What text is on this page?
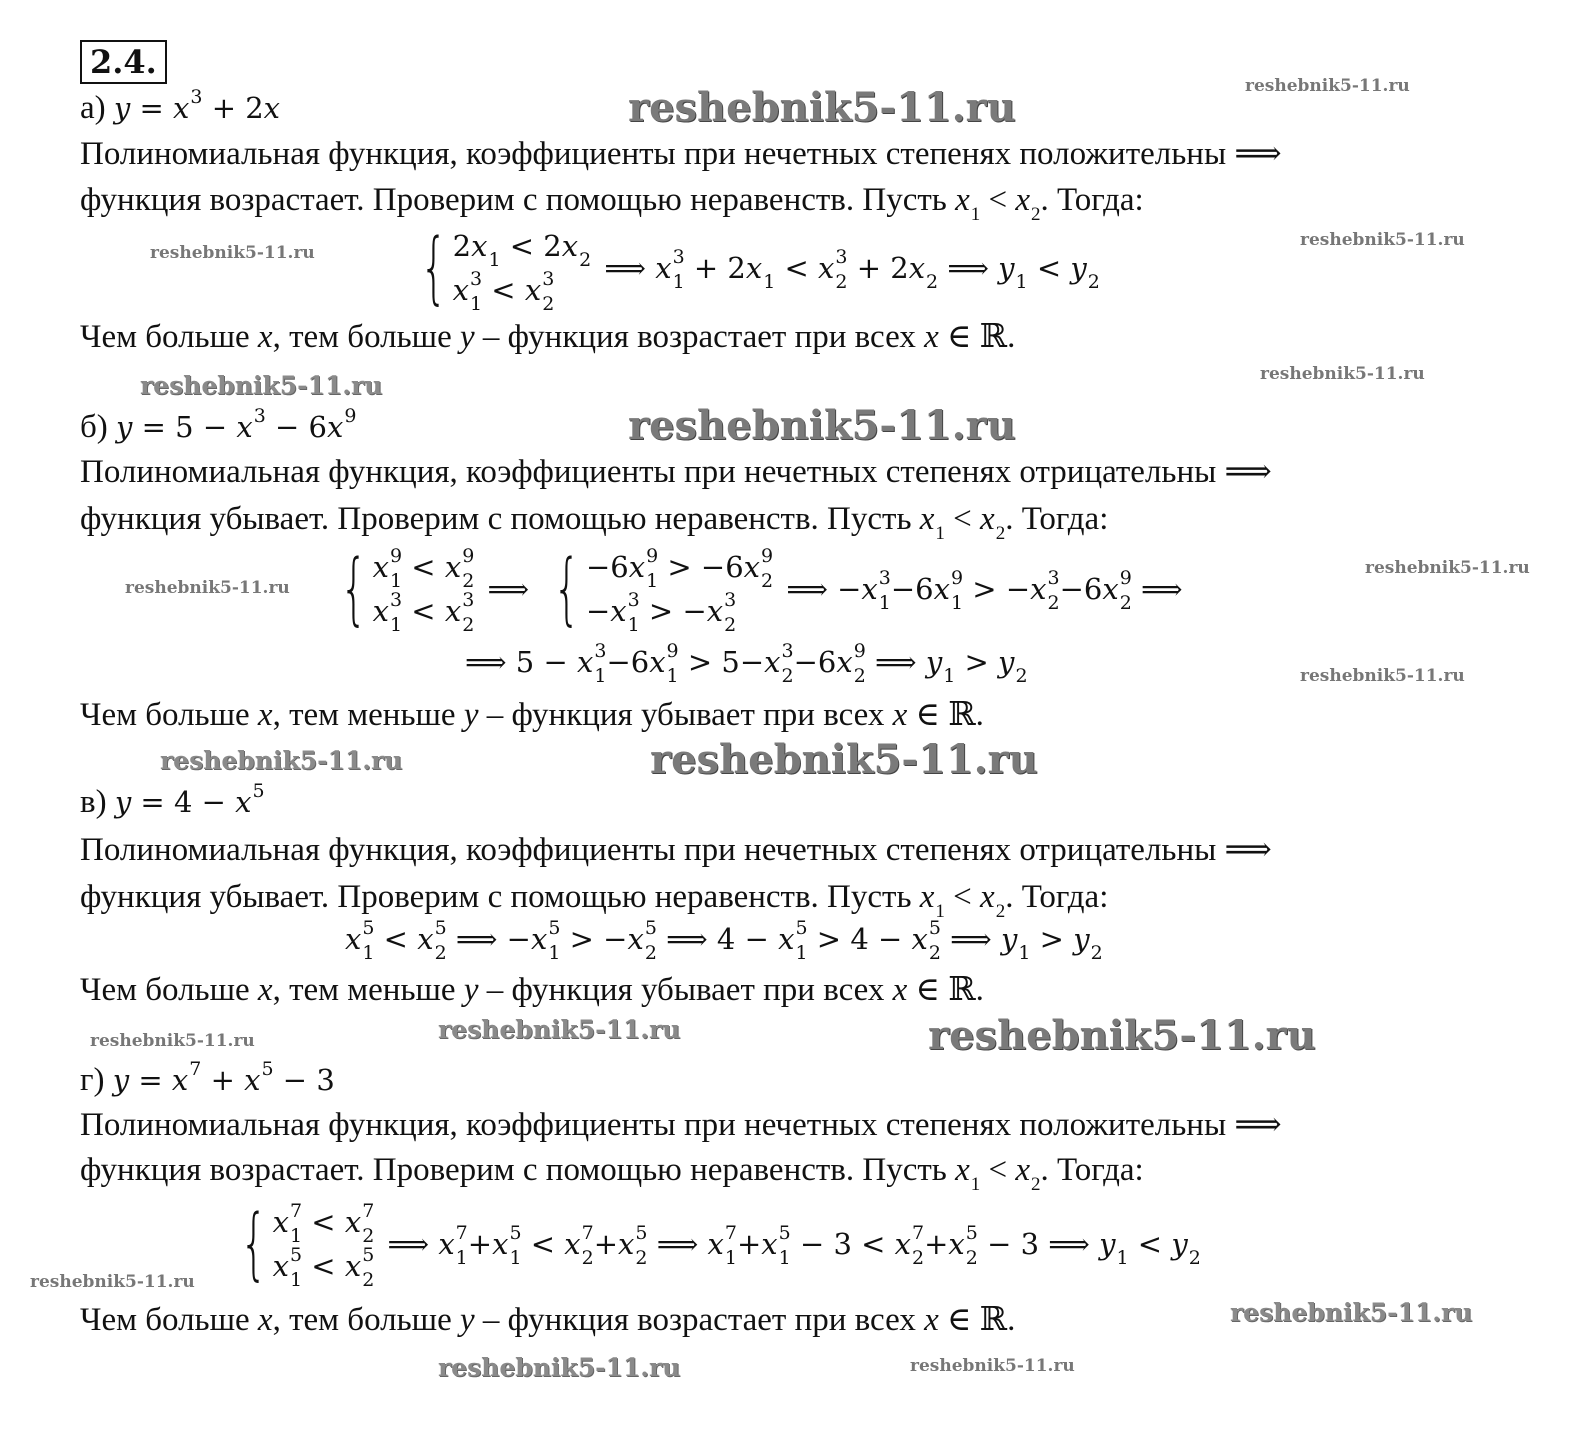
2.4.
а) y = x 3
+ 2 x
Полиномиальная функция, коэффициенты при нечетных степенях положительны ⟹
функция возрастает. Проверим с помощью неравенств. Пусть x
1 < x
2 . Тогда:
{ 2 x
1 < 2 x
2
x 3
1 < x 3
2
⟹ x 3
1 + 2 x
1 < x 3
2 + 2 x
2 ⟹ y
1 < y
2
Чем больше x , тем больше y – функция возрастает при всех x ∈ ℝ.
б) y = 5 − x 3
− 6 x 9

Полиномиальная функция, коэффициенты при нечетных степенях отрицательны ⟹
функция убывает. Проверим с помощью неравенств. Пусть x
1 < x
2 . Тогда:
{ x 9
1 < x 9
2
x 3
1 < x 3
2
⟹ { −6 x 9
1 > −6 x 9
2
− x 3
1 > − x 3
2
⟹ − x 3
1 −6 x 9
1 > − x 3
2 −6 x 9
2 ⟹
⟹ 5 − x 3
1 −6 x 9
1 > 5− x 3
2 −6 x 9
2 ⟹ y
1 > y
2
Чем больше x , тем меньше y – функция убывает при всех x ∈ ℝ.
в) y = 4 − x 5

Полиномиальная функция, коэффициенты при нечетных степенях отрицательны ⟹
функция убывает. Проверим с помощью неравенств. Пусть x
1 < x
2 . Тогда:
x 5
1 < x 5
2 ⟹ − x 5
1 > − x 5
2 ⟹ 4 − x 5
1 > 4 − x 5
2 ⟹ y
1 > y
2
Чем больше x , тем меньше y – функция убывает при всех x ∈ ℝ.
г) y = x 7
+ x 5
− 3
Полиномиальная функция, коэффициенты при нечетных степенях положительны ⟹
функция возрастает. Проверим с помощью неравенств. Пусть x
1 < x
2 . Тогда:
{ x 7
1 < x 7
2
x 5
1 < x 5
2
⟹ x 7
1 + x 5
1 < x 7
2 + x 5
2 ⟹ x 7
1 + x 5
1 − 3 < x 7
2 + x 5
2 − 3 ⟹ y
1 < y
2
Чем больше x , тем больше y – функция возрастает при всех x ∈ ℝ.
reshebnik5-11.ru
reshebnik5-11.ru
reshebnik5-11.ru
reshebnik5-11.ru
reshebnik5-11.ru
reshebnik5-11.ru
reshebnik5-11.ru
reshebnik5-11.ru
reshebnik5-11.ru
reshebnik5-11.ru
reshebnik5-11.ru	reshebnik5-11.ru
reshebnik5-11.ru	reshebnik5-11.ru
reshebnik5-11.ru
reshebnik5-11.ru
reshebnik5-11.ru
reshebnik5-11.ru
reshebnik5-11.ru
